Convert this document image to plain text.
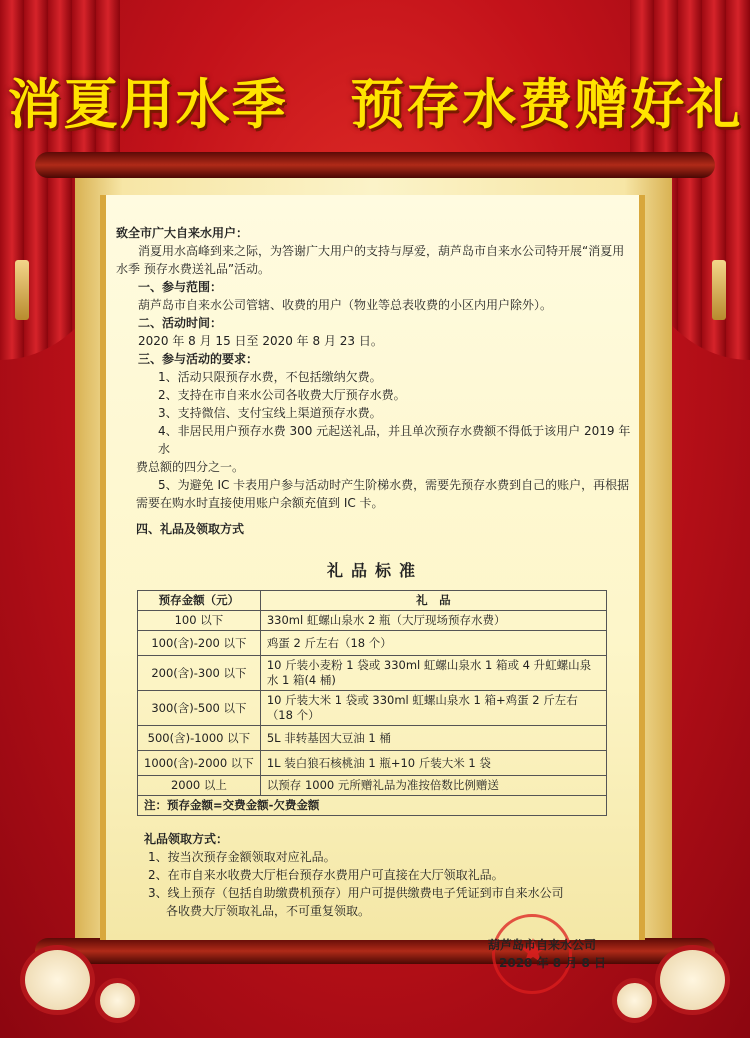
消夏用水季   预存水费赠好礼
致全市广大自来水用户：
消夏用水高峰到来之际，为答谢广大用户的支持与厚爱，葫芦岛市自来水公司特开展“消夏用
水季 预存水费送礼品”活动。
一、参与范围：
葫芦岛市自来水公司管辖、收费的用户（物业等总表收费的小区内用户除外）。
二、活动时间：
2020 年 8 月 15 日至 2020 年 8 月 23 日。
三、参与活动的要求：
1、活动只限预存水费，不包括缴纳欠费。
2、支持在市自来水公司各收费大厅预存水费。
3、支持微信、支付宝线上渠道预存水费。
4、非居民用户预存水费 300 元起送礼品，并且单次预存水费额不得低于该用户 2019 年水
费总额的四分之一。
5、为避免 IC 卡表用户参与活动时产生阶梯水费，需要先预存水费到自己的账户，再根据
需要在购水时直接使用账户余额充值到 IC 卡。
四、礼品及领取方式
礼品标准
预存金额（元）	礼　品
100 以下	330ml 虹螺山泉水 2 瓶（大厅现场预存水费）
100(含)-200 以下	鸡蛋 2 斤左右（18 个）
200(含)-300 以下	10 斤装小麦粉 1 袋或 330ml 虹螺山泉水 1 箱或 4 升虹螺山泉水 1 箱(4 桶)
300(含)-500 以下	10 斤装大米 1 袋或 330ml 虹螺山泉水 1 箱+鸡蛋 2 斤左右（18 个）
500(含)-1000 以下	5L 非转基因大豆油 1 桶
1000(含)-2000 以下	1L 装白狼石核桃油 1 瓶+10 斤装大米 1 袋
2000 以上	以预存 1000 元所赠礼品为准按倍数比例赠送
注：预存金额=交费金额-欠费金额	
礼品领取方式：
1、按当次预存金额领取对应礼品。
2、在市自来水收费大厅柜台预存水费用户可直接在大厅领取礼品。
3、线上预存（包括自助缴费机预存）用户可提供缴费电子凭证到市自来水公司
各收费大厅领取礼品，不可重复领取。
葫芦岛市自来水公司
2020 年 8 月 8 日
